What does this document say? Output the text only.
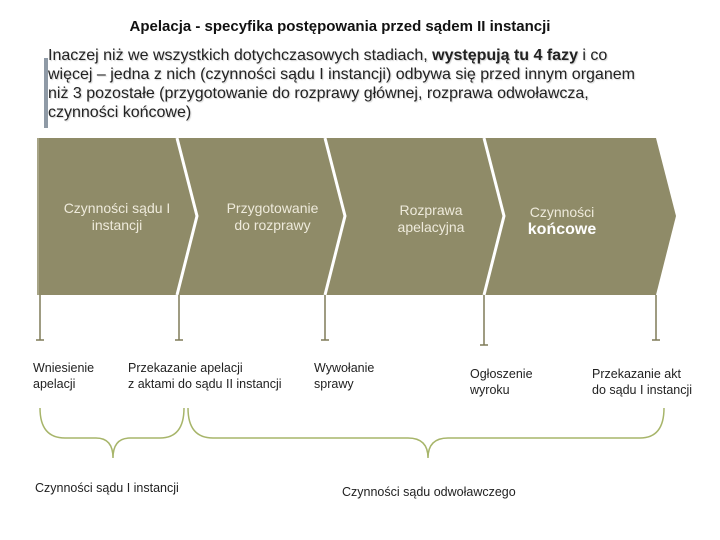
Apelacja - specyfika postępowania przed sądem II instancji

Inaczej niż we wszystkich dotychczasowych stadiach, występują tu 4 fazy i co więcej – jedna z nich (czynności sądu I instancji) odbywa się przed innym organem niż 3 pozostałe (przygotowanie do rozprawy głównej, rozprawa odwoławcza, czynności końcowe)

Czynności sądu I
instancji
Przygotowanie
do rozprawy
Rozprawa
apelacyjna
Czynności
końcowe
Wniesienie
apelacji
Przekazanie apelacji
z aktami do sądu II instancji
Wywołanie
sprawy
Ogłoszenie
wyroku
Przekazanie akt
do sądu I instancji
Czynności sądu I instancji	Czynności sądu odwoławczego
